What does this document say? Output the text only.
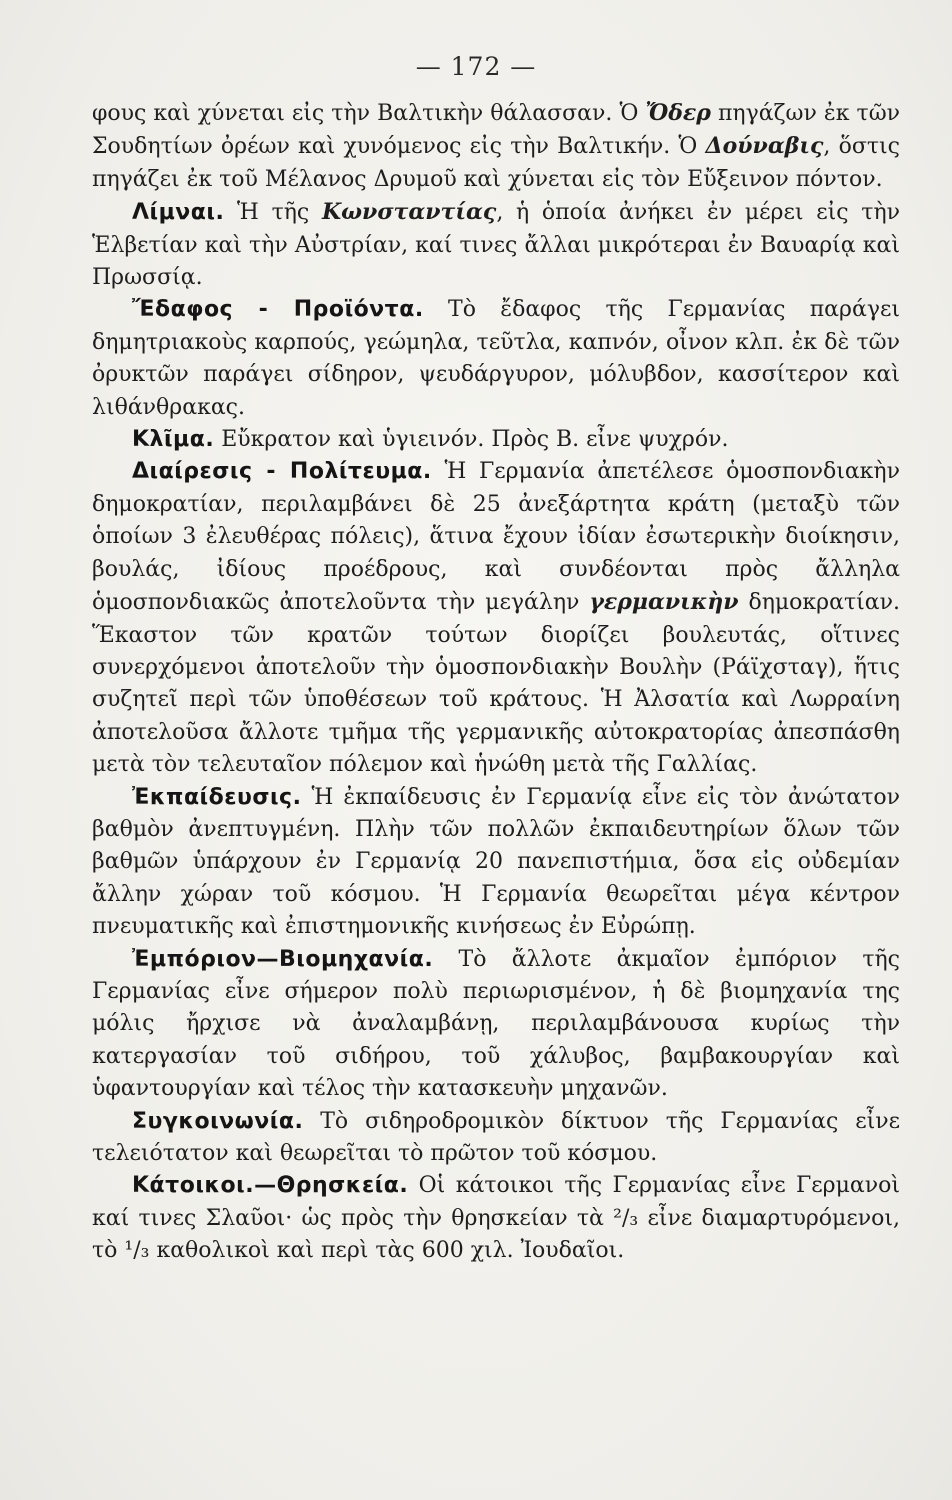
— 172 —

φους καὶ χύνεται εἰς τὴν Βαλτικὴν θάλασσαν. Ὁ Ὄδερ πηγάζων ἐκ τῶν Σουδητίων ὀρέων καὶ χυνόμενος εἰς τὴν Βαλτικήν. Ὁ Δούναβις, ὅστις πηγάζει ἐκ τοῦ Μέλανος Δρυμοῦ καὶ χύνεται εἰς τὸν Εὔξεινον πόντον.

Λίμναι. Ἡ τῆς Κωνσταντίας, ἡ ὁποία ἀνήκει ἐν μέρει εἰς τὴν Ἑλβετίαν καὶ τὴν Αὐστρίαν, καί τινες ἄλλαι μικρότεραι ἐν Βαυαρίᾳ καὶ Πρωσσίᾳ.

Ἔδαφος - Προϊόντα. Τὸ ἔδαφος τῆς Γερμανίας παράγει δημητριακοὺς καρπούς, γεώμηλα, τεῦτλα, καπνόν, οἶνον κλπ. ἐκ δὲ τῶν ὀρυκτῶν παράγει σίδηρον, ψευδάργυρον, μόλυβδον, κασσίτερον καὶ λιθάνθρακας.

Κλῖμα. Εὔκρατον καὶ ὑγιεινόν. Πρὸς Β. εἶνε ψυχρόν.

Διαίρεσις - Πολίτευμα. Ἡ Γερμανία ἀπετέλεσε ὁμοσπονδιακὴν δημοκρατίαν, περιλαμβάνει δὲ 25 ἀνεξάρτητα κράτη (μεταξὺ τῶν ὁποίων 3 ἐλευθέρας πόλεις), ἅτινα ἔχουν ἰδίαν ἐσωτερικὴν διοίκησιν, βουλάς, ἰδίους προέδρους, καὶ συνδέονται πρὸς ἄλληλα ὁμοσπονδιακῶς ἀποτελοῦντα τὴν μεγάλην γερμανικὴν δημοκρατίαν. Ἕκαστον τῶν κρατῶν τούτων διορίζει βουλευτάς, οἵτινες συνερχόμενοι ἀποτελοῦν τὴν ὁμοσπονδιακὴν Βουλὴν (Ράϊχσταγ), ἥτις συζητεῖ περὶ τῶν ὑποθέσεων τοῦ κράτους. Ἡ Ἀλσατία καὶ Λωρραίνη ἀποτελοῦσα ἄλλοτε τμῆμα τῆς γερμανικῆς αὐτοκρατορίας ἀπεσπάσθη μετὰ τὸν τελευταῖον πόλεμον καὶ ἡνώθη μετὰ τῆς Γαλλίας.

Ἐκπαίδευσις. Ἡ ἐκπαίδευσις ἐν Γερμανίᾳ εἶνε εἰς τὸν ἀνώτατον βαθμὸν ἀνεπτυγμένη. Πλὴν τῶν πολλῶν ἐκπαιδευτηρίων ὅλων τῶν βαθμῶν ὑπάρχουν ἐν Γερμανίᾳ 20 πανεπιστήμια, ὅσα εἰς οὐδεμίαν ἄλλην χώραν τοῦ κόσμου. Ἡ Γερμανία θεωρεῖται μέγα κέντρον πνευματικῆς καὶ ἐπιστημονικῆς κινήσεως ἐν Εὐρώπῃ.

Ἐμπόριον—Βιομηχανία. Τὸ ἄλλοτε ἀκμαῖον ἐμπόριον τῆς Γερμανίας εἶνε σήμερον πολὺ περιωρισμένον, ἡ δὲ βιομηχανία της μόλις ἤρχισε νὰ ἀναλαμβάνῃ, περιλαμβάνουσα κυρίως τὴν κατεργασίαν τοῦ σιδήρου, τοῦ χάλυβος, βαμβακουργίαν καὶ ὑφαντουργίαν καὶ τέλος τὴν κατασκευὴν μηχανῶν.

Συγκοινωνία. Τὸ σιδηροδρομικὸν δίκτυον τῆς Γερμανίας εἶνε τελειότατον καὶ θεωρεῖται τὸ πρῶτον τοῦ κόσμου.

Κάτοικοι.—Θρησκεία. Οἱ κάτοικοι τῆς Γερμανίας εἶνε Γερμανοὶ καί τινες Σλαῦοι· ὡς πρὸς τὴν θρησκείαν τὰ ²/₃ εἶνε διαμαρτυρόμενοι, τὸ ¹/₃ καθολικοὶ καὶ περὶ τὰς 600 χιλ. Ἰουδαῖοι.
